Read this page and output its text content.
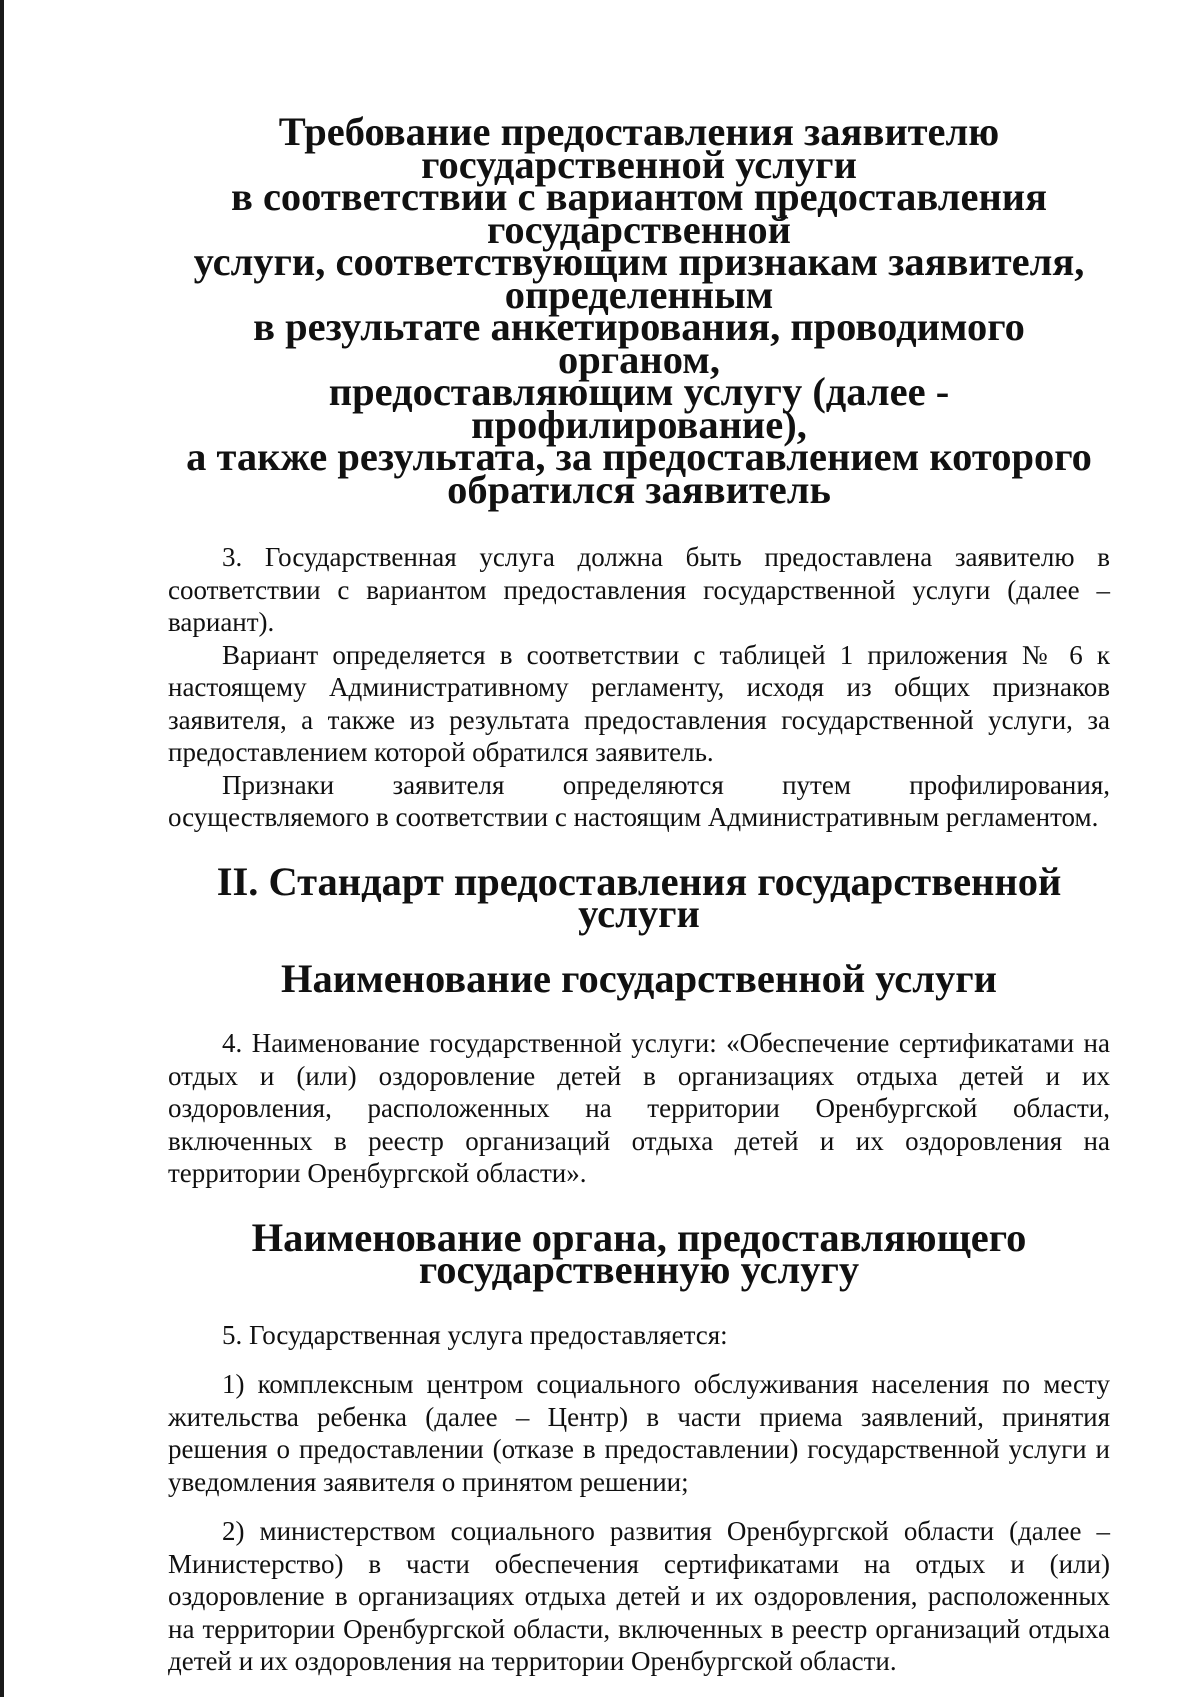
Требование предоставления заявителю государственной услуги
в соответствии с вариантом предоставления государственной
услуги, соответствующим признакам заявителя, определенным
в результате анкетирования, проводимого органом,
предоставляющим услугу (далее - профилирование),
а также результата, за предоставлением которого
обратился заявитель

3. Государственная услуга должна быть предоставлена заявителю в соответствии с вариантом предоставления государственной услуги (далее – вариант).

Вариант определяется в соответствии с таблицей 1 приложения № 6 к настоящему Административному регламенту, исходя из общих признаков заявителя, а также из результата предоставления государственной услуги, за предоставлением которой обратился заявитель.

Признаки заявителя определяются путем профилирования, осуществляемого в соответствии с настоящим Административным регламентом.

II. Стандарт предоставления государственной услуги
Наименование государственной услуги

4. Наименование государственной услуги: «Обеспечение сертификатами на отдых и (или) оздоровление детей в организациях отдыха детей и их оздоровления, расположенных на территории Оренбургской области, включенных в реестр организаций отдыха детей и их оздоровления на территории Оренбургской области».

Наименование органа, предоставляющего
государственную услугу

5. Государственная услуга предоставляется:

1) комплексным центром социального обслуживания населения по месту жительства ребенка (далее – Центр) в части приема заявлений, принятия решения о предоставлении (отказе в предоставлении) государственной услуги и уведомления заявителя о принятом решении;

2) министерством социального развития Оренбургской области (далее – Министерство) в части обеспечения сертификатами на отдых и (или) оздоровление в организациях отдыха детей и их оздоровления, расположенных на территории Оренбургской области, включенных в реестр организаций отдыха детей и их оздоровления на территории Оренбургской области.
